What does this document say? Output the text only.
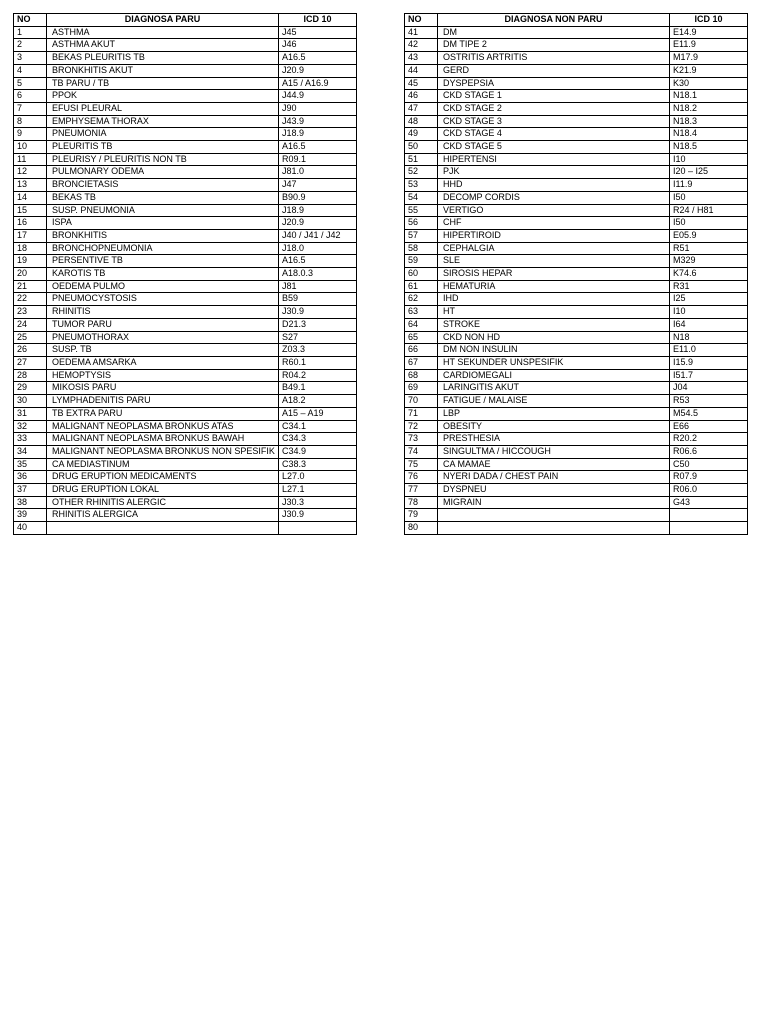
NO	DIAGNOSA PARU	ICD 10
1	ASTHMA	J45
2	ASTHMA AKUT	J46
3	BEKAS PLEURITIS TB	A16.5
4	BRONKHITIS AKUT	J20.9
5	TB PARU / TB	A15 / A16.9
6	PPOK	J44.9
7	EFUSI PLEURAL	J90
8	EMPHYSEMA THORAX	J43.9
9	PNEUMONIA	J18.9
10	PLEURITIS TB	A16.5
11	PLEURISY / PLEURITIS NON TB	R09.1
12	PULMONARY ODEMA	J81.0
13	BRONCIETASIS	J47
14	BEKAS TB	B90.9
15	SUSP. PNEUMONIA	J18.9
16	ISPA	J20.9
17	BRONKHITIS	J40 / J41 / J42
18	BRONCHOPNEUMONIA	J18.0
19	PERSENTIVE TB	A16.5
20	KAROTIS TB	A18.0.3
21	OEDEMA PULMO	J81
22	PNEUMOCYSTOSIS	B59
23	RHINITIS	J30.9
24	TUMOR PARU	D21.3
25	PNEUMOTHORAX	S27
26	SUSP. TB	Z03.3
27	OEDEMA AMSARKA	R60.1
28	HEMOPTYSIS	R04.2
29	MIKOSIS PARU	B49.1
30	LYMPHADENITIS PARU	A18.2
31	TB EXTRA PARU	A15 – A19
32	MALIGNANT NEOPLASMA BRONKUS ATAS	C34.1
33	MALIGNANT NEOPLASMA BRONKUS BAWAH	C34.3
34	MALIGNANT NEOPLASMA BRONKUS NON SPESIFIK	C34.9
35	CA MEDIASTINUM	C38.3
36	DRUG ERUPTION MEDICAMENTS	L27.0
37	DRUG ERUPTION LOKAL	L27.1
38	OTHER RHINITIS ALERGIC	J30.3
39	RHINITIS ALERGICA	J30.9
40		
NO	DIAGNOSA NON PARU	ICD 10
41	DM	E14.9
42	DM TIPE 2	E11.9
43	OSTRITIS ARTRITIS	M17.9
44	GERD	K21.9
45	DYSPEPSIA	K30
46	CKD STAGE 1	N18.1
47	CKD STAGE 2	N18.2
48	CKD STAGE 3	N18.3
49	CKD STAGE 4	N18.4
50	CKD STAGE 5	N18.5
51	HIPERTENSI	I10
52	PJK	I20 – I25
53	HHD	I11.9
54	DECOMP CORDIS	I50
55	VERTIGO	R24 / H81
56	CHF	I50
57	HIPERTIROID	E05.9
58	CEPHALGIA	R51
59	SLE	M329
60	SIROSIS HEPAR	K74.6
61	HEMATURIA	R31
62	IHD	I25
63	HT	I10
64	STROKE	I64
65	CKD NON HD	N18
66	DM NON INSULIN	E11.0
67	HT SEKUNDER UNSPESIFIK	I15.9
68	CARDIOMEGALI	I51.7
69	LARINGITIS AKUT	J04
70	FATIGUE / MALAISE	R53
71	LBP	M54.5
72	OBESITY	E66
73	PRESTHESIA	R20.2
74	SINGULTMA / HICCOUGH	R06.6
75	CA MAMAE	C50
76	NYERI DADA / CHEST PAIN	R07.9
77	DYSPNEU	R06.0
78	MIGRAIN	G43
79		
80		
